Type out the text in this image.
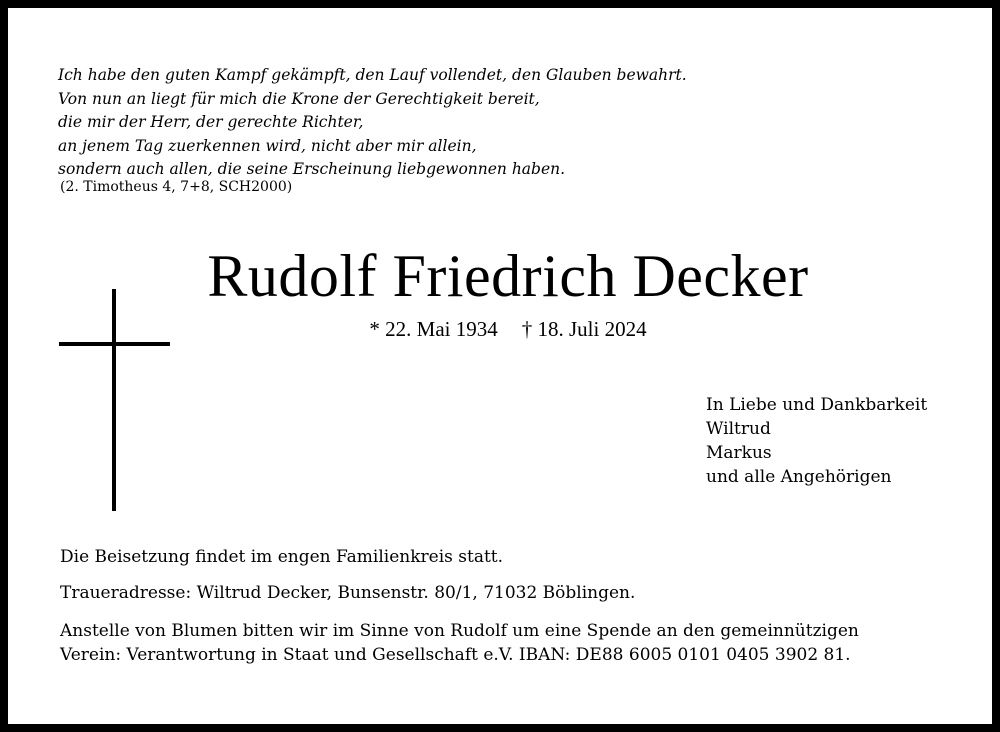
Ich habe den guten Kampf gekämpft, den Lauf vollendet, den Glauben bewahrt.
Von nun an liegt für mich die Krone der Gerechtigkeit bereit,
die mir der Herr, der gerechte Richter,
an jenem Tag zuerkennen wird, nicht aber mir allein,
sondern auch allen, die seine Erscheinung liebgewonnen haben.
(2. Timotheus 4, 7+8, SCH2000)
Rudolf Friedrich Decker
* 22. Mai 1934 † 18. Juli 2024
In Liebe und Dankbarkeit
Wiltrud
Markus
und alle Angehörigen
Die Beisetzung findet im engen Familienkreis statt.
Traueradresse: Wiltrud Decker, Bunsenstr. 80/1, 71032 Böblingen.
Anstelle von Blumen bitten wir im Sinne von Rudolf um eine Spende an den gemeinnützigen
Verein: Verantwortung in Staat und Gesellschaft e.V. IBAN: DE88 6005 0101 0405 3902 81.
